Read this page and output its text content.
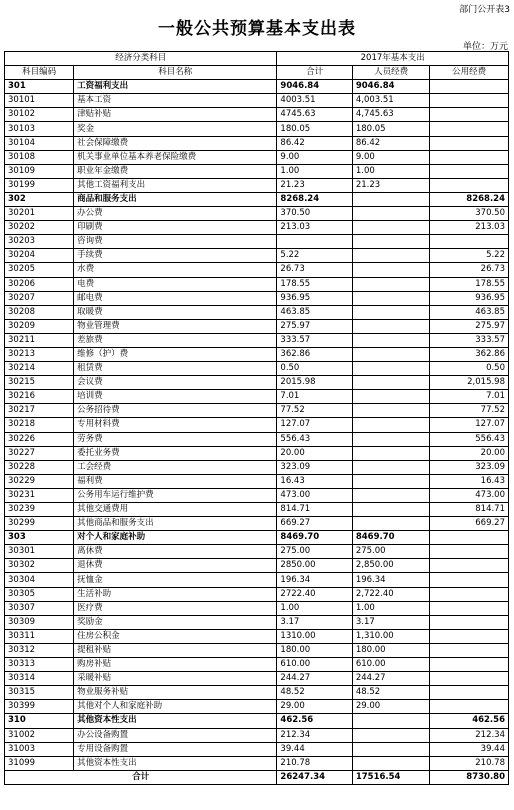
部门公开表3
一般公共预算基本支出表
单位：万元
经济分类科目		2017年基本支出		
科目编码	科目名称	合计	人员经费	公用经费
301	工资福利支出	9046.84	9046.84	
30101	基本工资	4003.51	4,003.51	
30102	津贴补贴	4745.63	4,745.63	
30103	奖金	180.05	180.05	
30104	社会保障缴费	86.42	86.42	
30108	机关事业单位基本养老保险缴费	9.00	9.00	
30109	职业年金缴费	1.00	1.00	
30199	其他工资福利支出	21.23	21.23	
302	商品和服务支出	8268.24		8268.24
30201	办公费	370.50		370.50
30202	印刷费	213.03		213.03
30203	咨询费			
30204	手续费	5.22		5.22
30205	水费	26.73		26.73
30206	电费	178.55		178.55
30207	邮电费	936.95		936.95
30208	取暖费	463.85		463.85
30209	物业管理费	275.97		275.97
30211	差旅费	333.57		333.57
30213	维修（护）费	362.86		362.86
30214	租赁费	0.50		0.50
30215	会议费	2015.98		2,015.98
30216	培训费	7.01		7.01
30217	公务招待费	77.52		77.52
30218	专用材料费	127.07		127.07
30226	劳务费	556.43		556.43
30227	委托业务费	20.00		20.00
30228	工会经费	323.09		323.09
30229	福利费	16.43		16.43
30231	公务用车运行维护费	473.00		473.00
30239	其他交通费用	814.71		814.71
30299	其他商品和服务支出	669.27		669.27
303	对个人和家庭补助	8469.70	8469.70	
30301	离休费	275.00	275.00	
30302	退休费	2850.00	2,850.00	
30304	抚恤金	196.34	196.34	
30305	生活补助	2722.40	2,722.40	
30307	医疗费	1.00	1.00	
30309	奖励金	3.17	3.17	
30311	住房公积金	1310.00	1,310.00	
30312	提租补贴	180.00	180.00	
30313	购房补贴	610.00	610.00	
30314	采暖补贴	244.27	244.27	
30315	物业服务补贴	48.52	48.52	
30399	其他对个人和家庭补助	29.00	29.00	
310	其他资本性支出	462.56		462.56
31002	办公设备购置	212.34		212.34
31003	专用设备购置	39.44		39.44
31099	其他资本性支出	210.78		210.78
合计		26247.34	17516.54	8730.80
